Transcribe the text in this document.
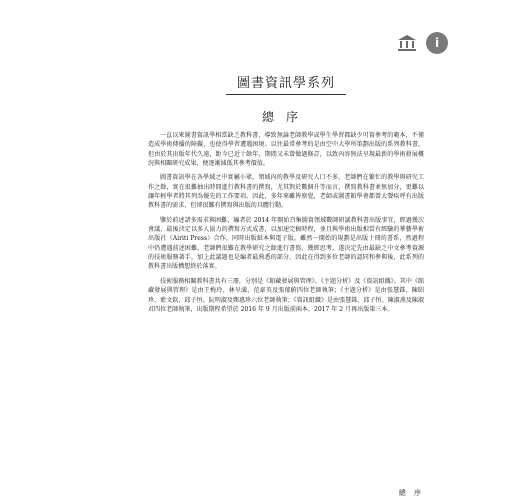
i
圖書資訊學系列
總序

一直以來圖書資訊學相當缺乏教科書，導致無論老師教學或學生學習都缺少可資參考的範本，不僅造成學術傳播的障礙，也使得學習遭遇困境。以往最常參考的是由空中大學所策劃出版的系列教科書，但由於其出版年代久遠，距今已近十餘年，期間又未曾做過修訂，以致內容無法呈現最新的學術發展概況與相關研究成果，便逐漸減低其參考價值。

圖書資訊學在各學域之中實屬小眾，領域內的教學及研究人口不多，老師們在繁忙的教學與研究工作之餘，實在很難抽出時間進行教科書的撰寫，尤其對於數個升等而言，撰寫教科書並無加分，更難以讓年輕學者將其列為優先的工作要項。因此，多年來雖皆察覺，老師或圖書館學會都曾大聲疾呼有出版教科書的需求，但卻很難有撰寫與出版的具體行動。

鑒於前述諸多需求與困難，編者於 2014 年開始召集圖資領域數師研議教科書出版事宜，經過幾次會議，最後決定以多人協力的撰寫方式成書，以加速完稿時程，並且與學術出版相當有經驗的華藝學術出版社（Airiti Press）合作，同時出版紙本與電子版。雖然一開始的規劃是出版十冊的書系，然過程中仍遭遇前述困難，老師們很難在教學研究之餘進行書寫，幾經思考，遂決定先由最缺乏中文參考資源的技術服務著手，加上此議題也是編者最熟悉的部分，因此在得到多位老師的認同和參與後，此系列的教科書出版構想終於落實。

技術服務相關教科書共有三冊，分別是《館藏發展與管理》、《主題分析》及《資訊組織》。其中《館藏發展與管理》是由王梅玲、林呈潢、范豪英及張郁蔚四位老師執筆；《主題分析》是由張慧銖、陳昭珍、藍文欽、邱子恒、阮明淑及鄭惠珍六位老師執筆；《資訊組織》是由張慧銖、邱子恒、陳淑燕及陳淑君四位老師執筆，出版期程希望於 2016 年 9 月出版前兩本，2017 年 2 月再出版第三本。

總 序
